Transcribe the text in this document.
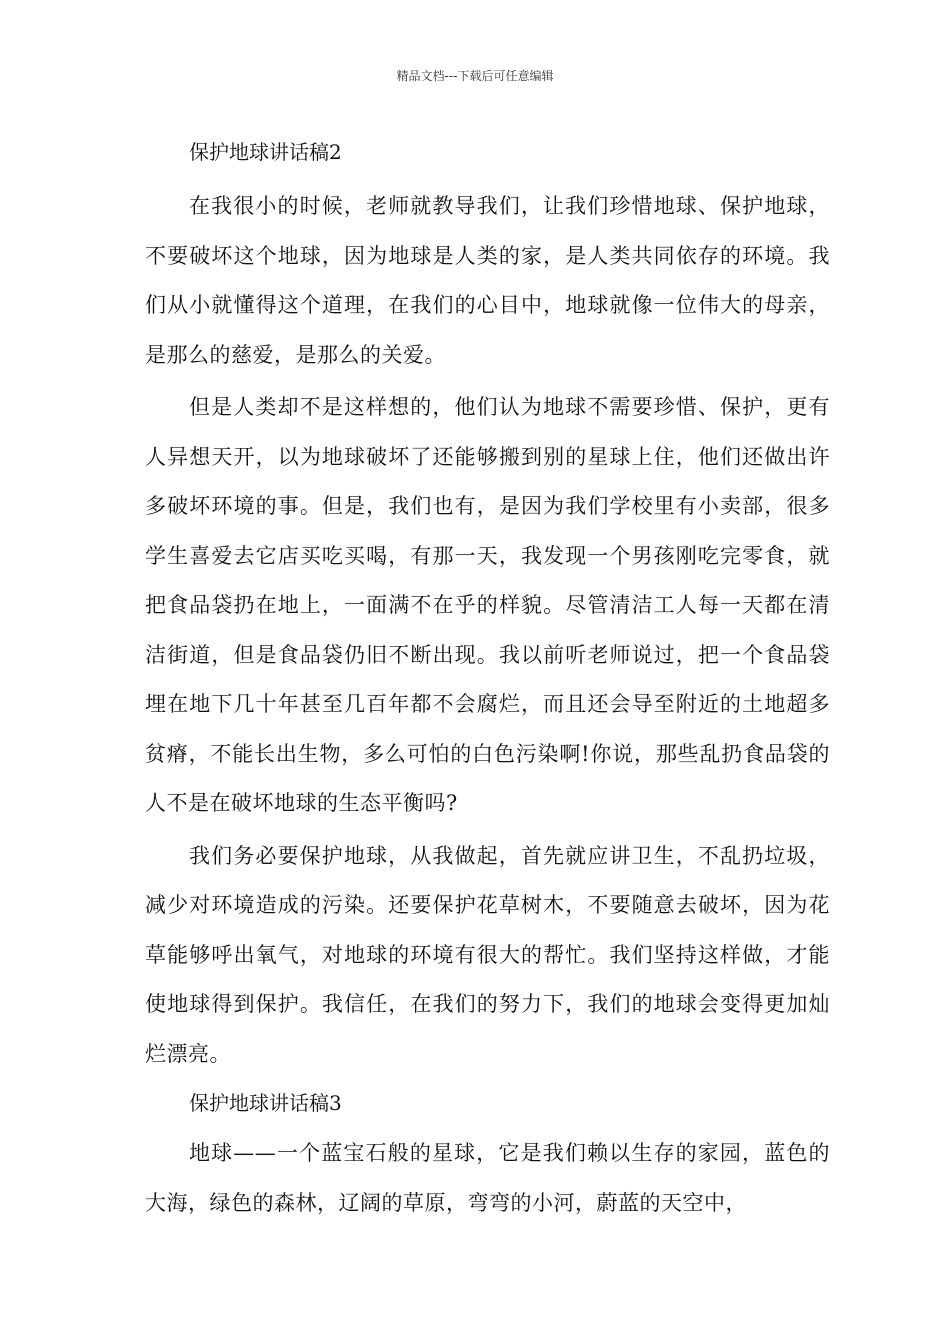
精品文档---下载后可任意编辑
保护地球讲话稿2

在我很小的时候，老师就教导我们，让我们珍惜地球、保护地球，不要破坏这个地球，因为地球是人类的家，是人类共同依存的环境。我们从小就懂得这个道理，在我们的心目中，地球就像一位伟大的母亲，是那么的慈爱，是那么的关爱。

但是人类却不是这样想的，他们认为地球不需要珍惜、保护，更有人异想天开，以为地球破坏了还能够搬到别的星球上住，他们还做出许多破坏环境的事。但是，我们也有，是因为我们学校里有小卖部，很多学生喜爱去它店买吃买喝，有那一天，我发现一个男孩刚吃完零食，就把食品袋扔在地上，一面满不在乎的样貌。尽管清洁工人每一天都在清洁街道，但是食品袋仍旧不断出现。我以前听老师说过，把一个食品袋埋在地下几十年甚至几百年都不会腐烂，而且还会导至附近的土地超多贫瘠，不能长出生物，多么可怕的白色污染啊!你说，那些乱扔食品袋的人不是在破坏地球的生态平衡吗?

我们务必要保护地球，从我做起，首先就应讲卫生，不乱扔垃圾，减少对环境造成的污染。还要保护花草树木，不要随意去破坏，因为花草能够呼出氧气，对地球的环境有很大的帮忙。我们坚持这样做，才能使地球得到保护。我信任，在我们的努力下，我们的地球会变得更加灿烂漂亮。

保护地球讲话稿3

地球——一个蓝宝石般的星球，它是我们赖以生存的家园，蓝色的大海，绿色的森林，辽阔的草原，弯弯的小河，蔚蓝的天空中，
